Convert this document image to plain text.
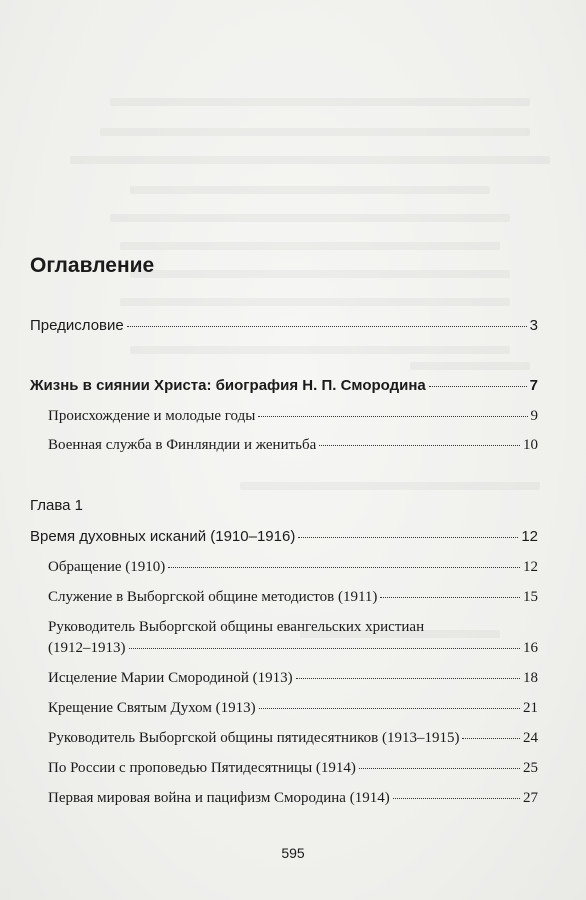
Оглавление
Предисловие	3
Жизнь в сиянии Христа: биография Н. П. Смородина	7
Происхождение и молодые годы	9
Военная служба в Финляндии и женитьба	10

Глава 1

Время духовных исканий (1910–1916)	12
Обращение (1910)	12
Служение в Выборгской общине методистов (1911)	15
Руководитель Выборгской общины евангельских христиан
(1912–1913)	16
Исцеление Марии Смородиной (1913)	18
Крещение Святым Духом (1913)	21
Руководитель Выборгской общины пятидесятников (1913–1915)	24
По России с проповедью Пятидесятницы (1914)	25
Первая мировая война и пацифизм Смородина (1914)	27
595
